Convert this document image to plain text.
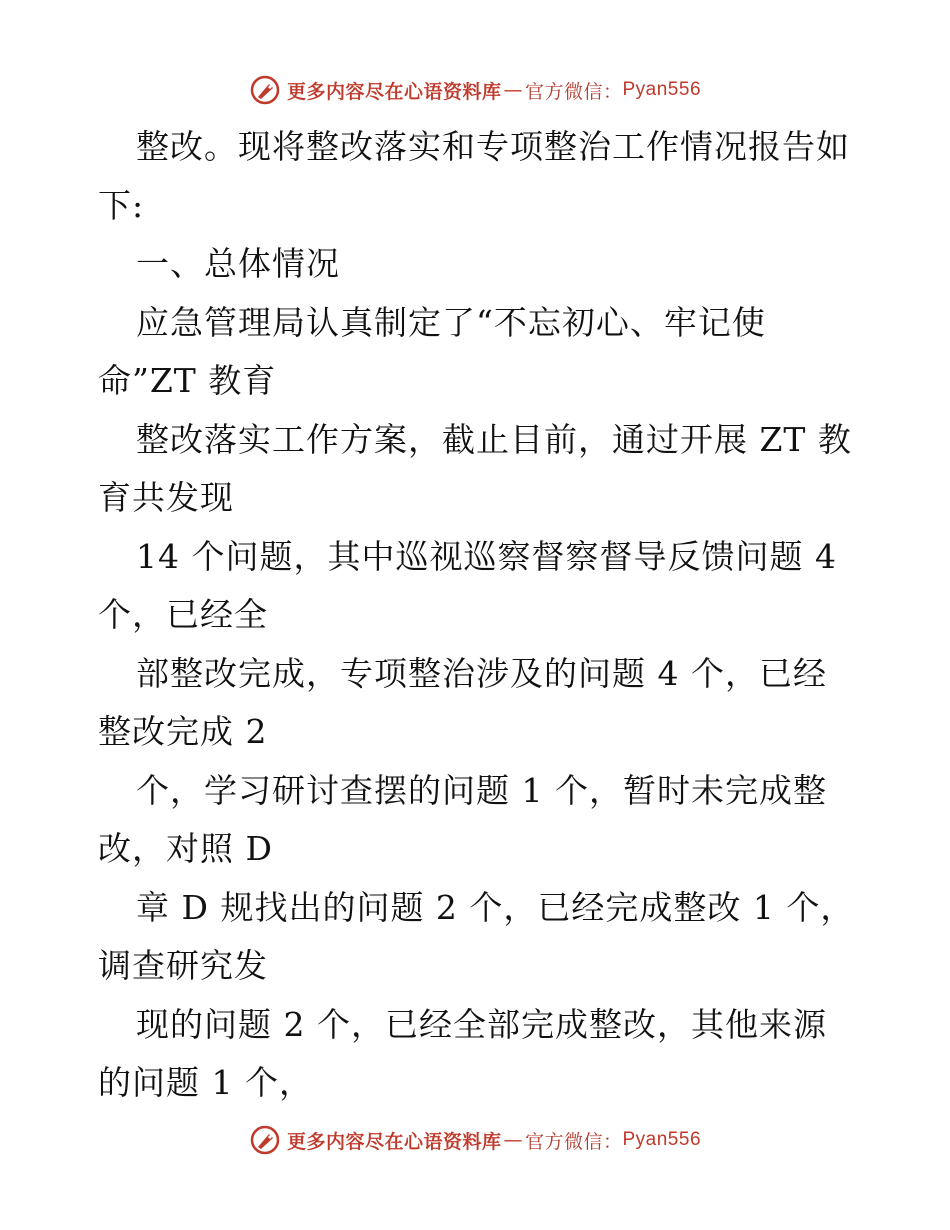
更多内容尽在心语资料库 — 官方微信： Pyan556
整改。现将整改落实和专项整治工作情况报告如
下:
一、总体情况
应急管理局认真制定了“不忘初心、牢记使
命”ZT 教育
整改落实工作方案，截止目前，通过开展 ZT 教
育共发现
14 个问题，其中巡视巡察督察督导反馈问题 4
个，已经全
部整改完成，专项整治涉及的问题 4 个，已经
整改完成 2
个，学习研讨查摆的问题 1 个，暂时未完成整
改，对照 D
章 D 规找出的问题 2 个，已经完成整改 1 个，
调查研究发
现的问题 2 个，已经全部完成整改，其他来源
的问题 1 个，
更多内容尽在心语资料库 — 官方微信： Pyan556
